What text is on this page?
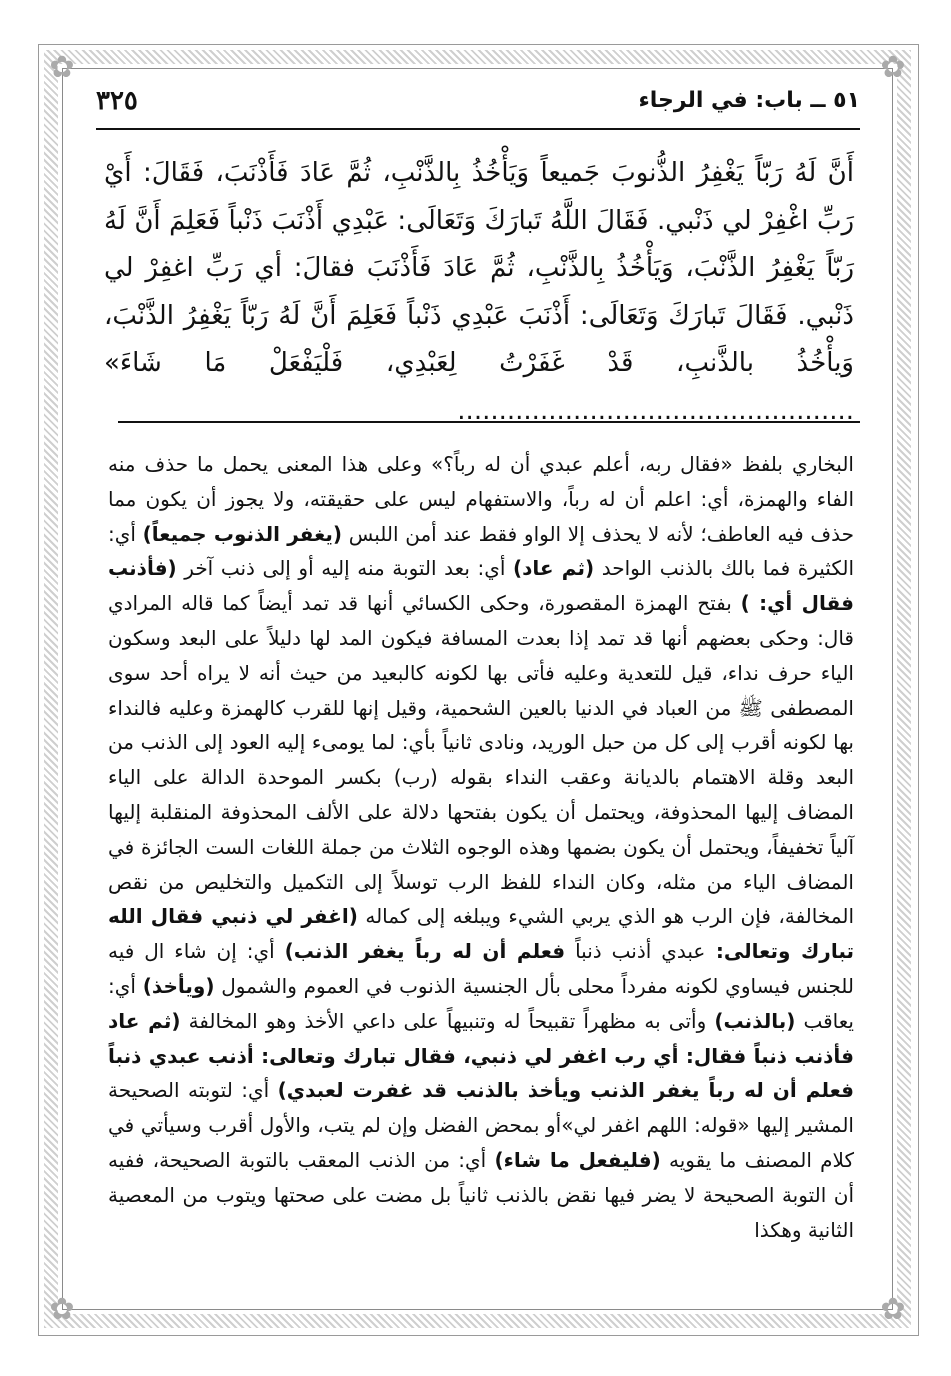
✿	✿
✿	✿
٣٢٥	٥١ ــ باب: في الرجاء
أَنَّ لَهُ رَبّاً يَغْفِرُ الذُّنوبَ جَميعاً وَيَأْخُذُ بِالذَّنْبِ، ثُمَّ عَادَ فَأَذْنَبَ، فَقَالَ: أَيْ رَبِّ اغْفِرْ لي ذَنْبي. فَقَالَ اللَّهُ تَبارَكَ وَتَعَالَى: عَبْدِي أَذْنَبَ ذَنْباً فَعَلِمَ أَنَّ لَهُ رَبّاً يَغْفِرُ الذَّنْبَ، وَيَأْخُذُ بِالذَّنْبِ، ثُمَّ عَادَ فَأَذْنَبَ فقالَ: أي رَبِّ اغفِرْ لي ذَنْبي. فَقَالَ تَبارَكَ وَتَعَالَى: أَذْنَبَ عَبْدِي ذَنْباً فَعَلِمَ أَنَّ لَهُ رَبّاً يَغْفِرُ الذَّنْبَ، وَيأْخُذُ بالذَّنبِ، قَدْ غَفَرْتُ لِعَبْدِي، فَلْيَفْعَلْ مَا شَاءَ» ................................................
البخاري بلفظ «فقال ربه، أعلم عبدي أن له رباً؟» وعلى هذا المعنى يحمل ما حذف منه الفاء والهمزة، أي: اعلم أن له رباً، والاستفهام ليس على حقيقته، ولا يجوز أن يكون مما حذف فيه العاطف؛ لأنه لا يحذف إلا الواو فقط عند أمن اللبس (يغفر الذنوب جميعاً) أي: الكثيرة فما بالك بالذنب الواحد (ثم عاد) أي: بعد التوبة منه إليه أو إلى ذنب آخر (فأذنب فقال أي: ) بفتح الهمزة المقصورة، وحكى الكسائي أنها قد تمد أيضاً كما قاله المرادي قال: وحكى بعضهم أنها قد تمد إذا بعدت المسافة فيكون المد لها دليلاً على البعد وسكون الياء حرف نداء، قيل للتعدية وعليه فأتى بها لكونه كالبعيد من حيث أنه لا يراه أحد سوى المصطفى ﷺ من العباد في الدنيا بالعين الشحمية، وقيل إنها للقرب كالهمزة وعليه فالنداء بها لكونه أقرب إلى كل من حبل الوريد، ونادى ثانياً بأي: لما يومىء إليه العود إلى الذنب من البعد وقلة الاهتمام بالديانة وعقب النداء بقوله (رب) بكسر الموحدة الدالة على الياء المضاف إليها المحذوفة، ويحتمل أن يكون بفتحها دلالة على الألف المحذوفة المنقلبة إليها آلياً تخفيفاً، ويحتمل أن يكون بضمها وهذه الوجوه الثلاث من جملة اللغات الست الجائزة في المضاف الياء من مثله، وكان النداء للفظ الرب توسلاً إلى التكميل والتخليص من نقص المخالفة، فإن الرب هو الذي يربي الشيء ويبلغه إلى كماله (اغفر لي ذنبي فقال الله تبارك وتعالى: عبدي أذنب ذنباً فعلم أن له رباً يغفر الذنب) أي: إن شاء ال فيه للجنس فيساوي لكونه مفرداً محلى بأل الجنسية الذنوب في العموم والشمول (ويأخذ) أي: يعاقب (بالذنب) وأتى به مظهراً تقبيحاً له وتنبيهاً على داعي الأخذ وهو المخالفة (ثم عاد فأذنب ذنباً فقال: أي رب اغفر لي ذنبي، فقال تبارك وتعالى: أذنب عبدي ذنباً فعلم أن له رباً يغفر الذنب ويأخذ بالذنب قد غفرت لعبدي) أي: لتوبته الصحيحة المشير إليها «قوله: اللهم اغفر لي»أو بمحض الفضل وإن لم يتب، والأول أقرب وسيأتي في كلام المصنف ما يقويه (فليفعل ما شاء) أي: من الذنب المعقب بالتوبة الصحيحة، ففيه أن التوبة الصحيحة لا يضر فيها نقض بالذنب ثانياً بل مضت على صحتها ويتوب من المعصية الثانية وهكذا
